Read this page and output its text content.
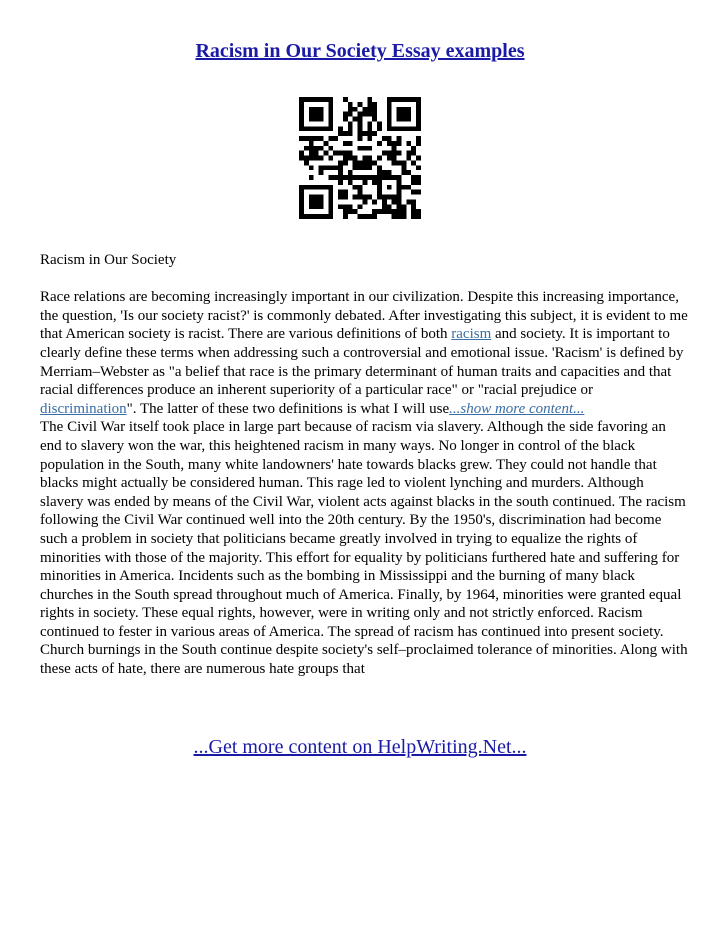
Racism in Our Society Essay examples

Racism in Our Society

Race relations are becoming increasingly important in our civilization. Despite this increasing importance, the question, 'Is our society racist?' is commonly debated. After investigating this subject, it is evident to me that American society is racist. There are various definitions of both racism and society. It is important to clearly define these terms when addressing such a controversial and emotional issue. 'Racism' is defined by Merriam–Webster as "a belief that race is the primary determinant of human traits and capacities and that racial differences produce an inherent superiority of a particular race" or "racial prejudice or discrimination". The latter of these two definitions is what I will use...show more content...

The Civil War itself took place in large part because of racism via slavery. Although the side favoring an end to slavery won the war, this heightened racism in many ways. No longer in control of the black population in the South, many white landowners' hate towards blacks grew. They could not handle that blacks might actually be considered human. This rage led to violent lynching and murders. Although slavery was ended by means of the Civil War, violent acts against blacks in the south continued. The racism following the Civil War continued well into the 20th century. By the 1950's, discrimination had become such a problem in society that politicians became greatly involved in trying to equalize the rights of minorities with those of the majority. This effort for equality by politicians furthered hate and suffering for minorities in America. Incidents such as the bombing in Mississippi and the burning of many black churches in the South spread throughout much of America. Finally, by 1964, minorities were granted equal rights in society. These equal rights, however, were in writing only and not strictly enforced. Racism continued to fester in various areas of America. The spread of racism has continued into present society. Church burnings in the South continue despite society's self–proclaimed tolerance of minorities. Along with these acts of hate, there are numerous hate groups that

...Get more content on HelpWriting.Net...
